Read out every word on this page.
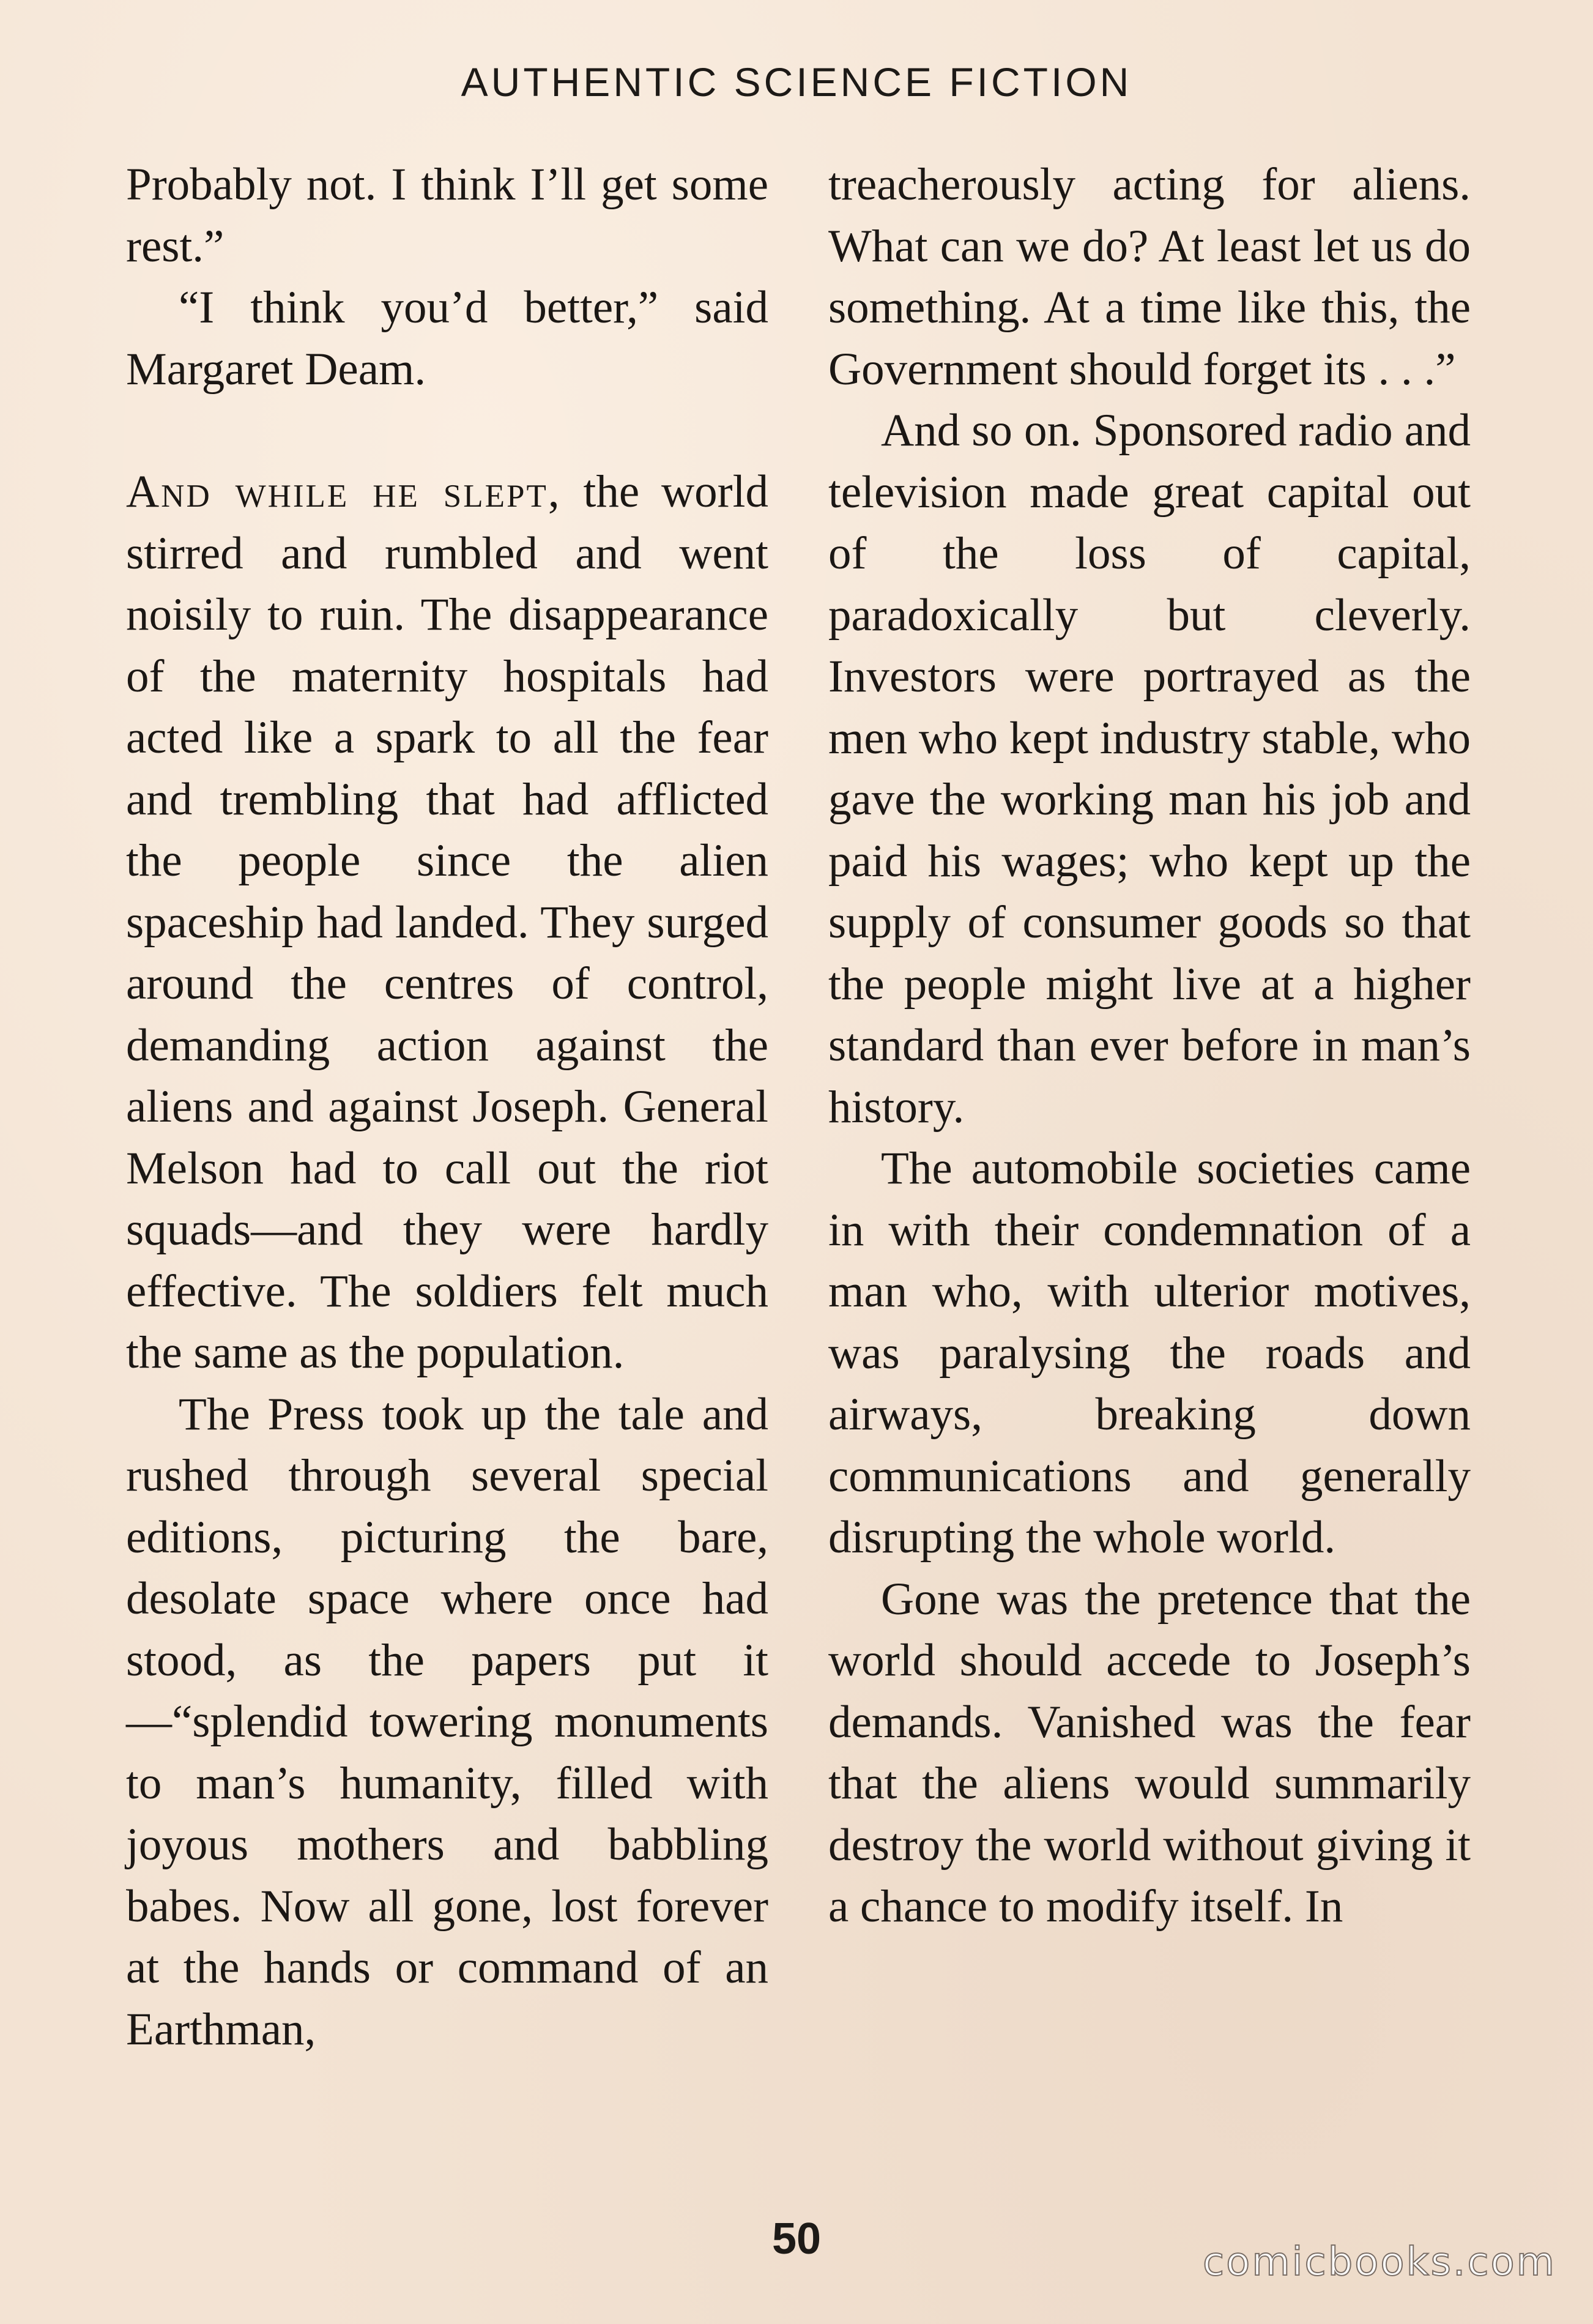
AUTHENTIC SCIENCE FICTION

Probably not. I think I’ll get some rest.”

“I think you’d better,” said Margaret Deam.

And while he slept, the world stirred and rumbled and went noisily to ruin. The disappearance of the maternity hospitals had acted like a spark to all the fear and trembling that had afflicted the people since the alien spaceship had landed. They surged around the centres of control, demanding action against the aliens and against Joseph. General Melson had to call out the riot squads—and they were hardly effective. The soldiers felt much the same as the population.

The Press took up the tale and rushed through several special editions, picturing the bare, desolate space where once had stood, as the papers put it—“splendid towering monuments to man’s humanity, filled with joyous mothers and babbling babes. Now all gone, lost forever at the hands or command of an Earthman,

treacherously acting for aliens. What can we do? At least let us do something. At a time like this, the Government should forget its . . .”

And so on. Sponsored radio and television made great capital out of the loss of capital, paradoxically but cleverly. Investors were portrayed as the men who kept industry stable, who gave the working man his job and paid his wages; who kept up the supply of consumer goods so that the people might live at a higher standard than ever before in man’s history.

The automobile societies came in with their condemnation of a man who, with ulterior motives, was paralysing the roads and airways, breaking down communications and generally disrupting the whole world.

Gone was the pretence that the world should accede to Joseph’s demands. Vanished was the fear that the aliens would summarily destroy the world without giving it a chance to modify itself. In

50	comicbooks.com
